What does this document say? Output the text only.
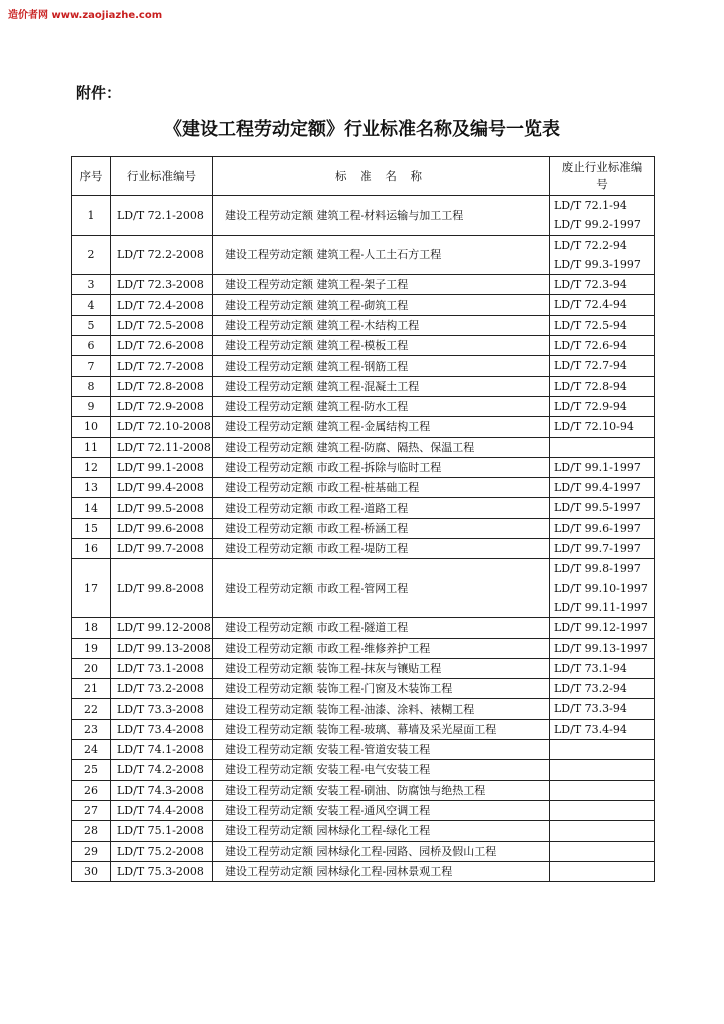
造价者网 www.zaojiazhe.com
附件：
《建设工程劳动定额》行业标准名称及编号一览表
序号	行业标准编号	标 准 名 称	废止行业标准编号
1	LD/T 72.1-2008	建设工程劳动定额 建筑工程-材料运输与加工工程	LD/T 72.1-94
LD/T 99.2-1997

2	LD/T 72.2-2008	建设工程劳动定额 建筑工程-人工土石方工程	LD/T 72.2-94
LD/T 99.3-1997

3	LD/T 72.3-2008	建设工程劳动定额 建筑工程-架子工程	LD/T 72.3-94

4	LD/T 72.4-2008	建设工程劳动定额 建筑工程-砌筑工程	LD/T 72.4-94

5	LD/T 72.5-2008	建设工程劳动定额 建筑工程-木结构工程	LD/T 72.5-94

6	LD/T 72.6-2008	建设工程劳动定额 建筑工程-模板工程	LD/T 72.6-94

7	LD/T 72.7-2008	建设工程劳动定额 建筑工程-钢筋工程	LD/T 72.7-94

8	LD/T 72.8-2008	建设工程劳动定额 建筑工程-混凝土工程	LD/T 72.8-94

9	LD/T 72.9-2008	建设工程劳动定额 建筑工程-防水工程	LD/T 72.9-94

10	LD/T 72.10-2008	建设工程劳动定额 建筑工程-金属结构工程	LD/T 72.10-94

11	LD/T 72.11-2008	建设工程劳动定额 建筑工程-防腐、隔热、保温工程	
12	LD/T 99.1-2008	建设工程劳动定额 市政工程-拆除与临时工程	LD/T 99.1-1997

13	LD/T 99.4-2008	建设工程劳动定额 市政工程-桩基础工程	LD/T 99.4-1997

14	LD/T 99.5-2008	建设工程劳动定额 市政工程-道路工程	LD/T 99.5-1997

15	LD/T 99.6-2008	建设工程劳动定额 市政工程-桥涵工程	LD/T 99.6-1997

16	LD/T 99.7-2008	建设工程劳动定额 市政工程-堤防工程	LD/T 99.7-1997

17	LD/T 99.8-2008	建设工程劳动定额 市政工程-管网工程	LD/T 99.8-1997
LD/T 99.10-1997
LD/T 99.11-1997

18	LD/T 99.12-2008	建设工程劳动定额 市政工程-隧道工程	LD/T 99.12-1997

19	LD/T 99.13-2008	建设工程劳动定额 市政工程-维修养护工程	LD/T 99.13-1997

20	LD/T 73.1-2008	建设工程劳动定额 装饰工程-抹灰与镶贴工程	LD/T 73.1-94

21	LD/T 73.2-2008	建设工程劳动定额 装饰工程-门窗及木装饰工程	LD/T 73.2-94

22	LD/T 73.3-2008	建设工程劳动定额 装饰工程-油漆、涂料、裱糊工程	LD/T 73.3-94

23	LD/T 73.4-2008	建设工程劳动定额 装饰工程-玻璃、幕墙及采光屋面工程	LD/T 73.4-94

24	LD/T 74.1-2008	建设工程劳动定额 安装工程-管道安装工程	
25	LD/T 74.2-2008	建设工程劳动定额 安装工程-电气安装工程	
26	LD/T 74.3-2008	建设工程劳动定额 安装工程-刷油、防腐蚀与绝热工程	
27	LD/T 74.4-2008	建设工程劳动定额 安装工程-通风空调工程	
28	LD/T 75.1-2008	建设工程劳动定额 园林绿化工程-绿化工程	
29	LD/T 75.2-2008	建设工程劳动定额 园林绿化工程-园路、园桥及假山工程	
30	LD/T 75.3-2008	建设工程劳动定额 园林绿化工程-园林景观工程	
